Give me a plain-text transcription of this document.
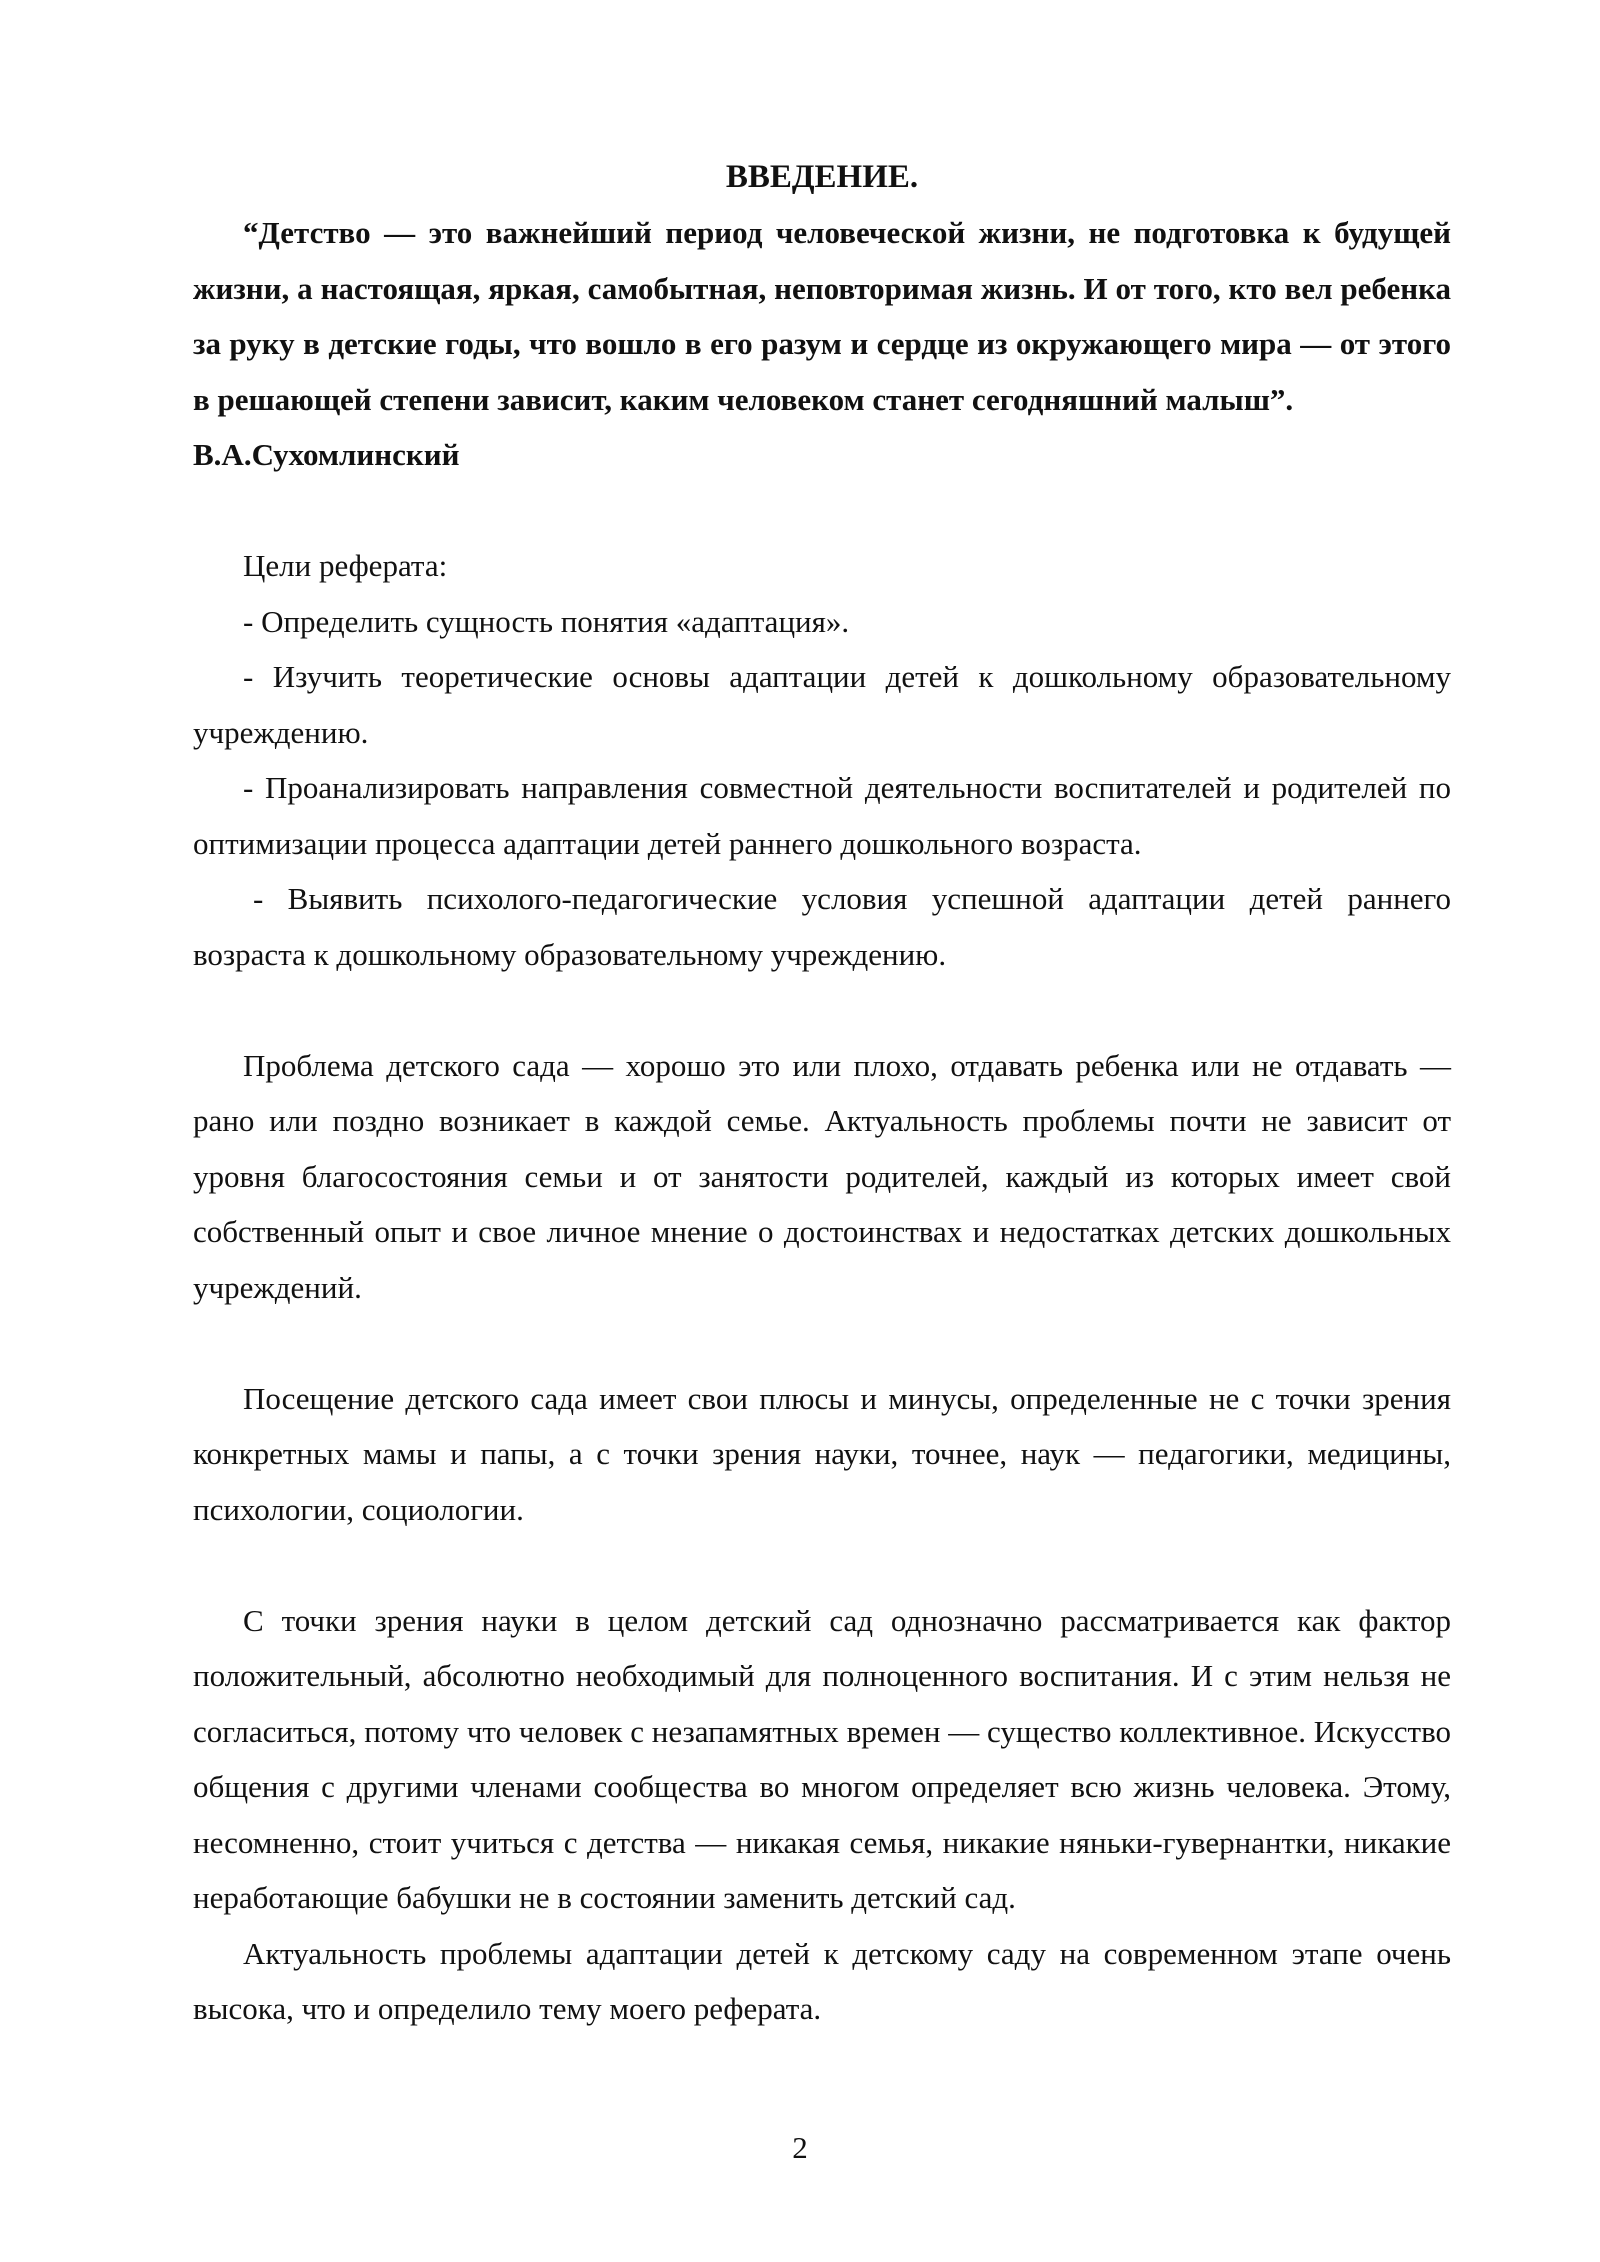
ВВЕДЕНИЕ.

“Детство — это важнейший период человеческой жизни, не подготовка к будущей жизни, а настоящая, яркая, самобытная, неповторимая жизнь. И от того, кто вел ребенка за руку в детские годы, что вошло в его разум и сердце из окружающего мира — от этого в решающей степени зависит, каким человеком станет сегодняшний малыш”.

В.А.Сухомлинский

Цели реферата:

- Определить сущность понятия «адаптация».

- Изучить теоретические основы адаптации детей к дошкольному образовательному учреждению.

- Проанализировать направления совместной деятельности воспитателей и родителей по оптимизации процесса адаптации детей раннего дошкольного возраста.

- Выявить психолого-педагогические условия успешной адаптации детей раннего возраста к дошкольному образовательному учреждению.

Проблема детского сада — хорошо это или плохо, отдавать ребенка или не отдавать — рано или поздно возникает в каждой семье. Актуальность проблемы почти не зависит от уровня благосостояния семьи и от занятости родителей, каждый из которых имеет свой собственный опыт и свое личное мнение о достоинствах и недостатках детских дошкольных учреждений.

Посещение детского сада имеет свои плюсы и минусы, определенные не с точки зрения конкретных мамы и папы, а с точки зрения науки, точнее, наук — педагогики, медицины, психологии, социологии.

С точки зрения науки в целом детский сад однозначно рассматривается как фактор положительный, абсолютно необходимый для полноценного воспитания. И с этим нельзя не согласиться, потому что человек с незапамятных времен — существо коллективное. Искусство общения с другими членами сообщества во многом определяет всю жизнь человека. Этому, несомненно, стоит учиться с детства — никакая семья, никакие няньки-гувернантки, никакие неработающие бабушки не в состоянии заменить детский сад.

Актуальность проблемы адаптации детей к детскому саду на современном этапе очень высока, что и определило тему моего реферата.

2
